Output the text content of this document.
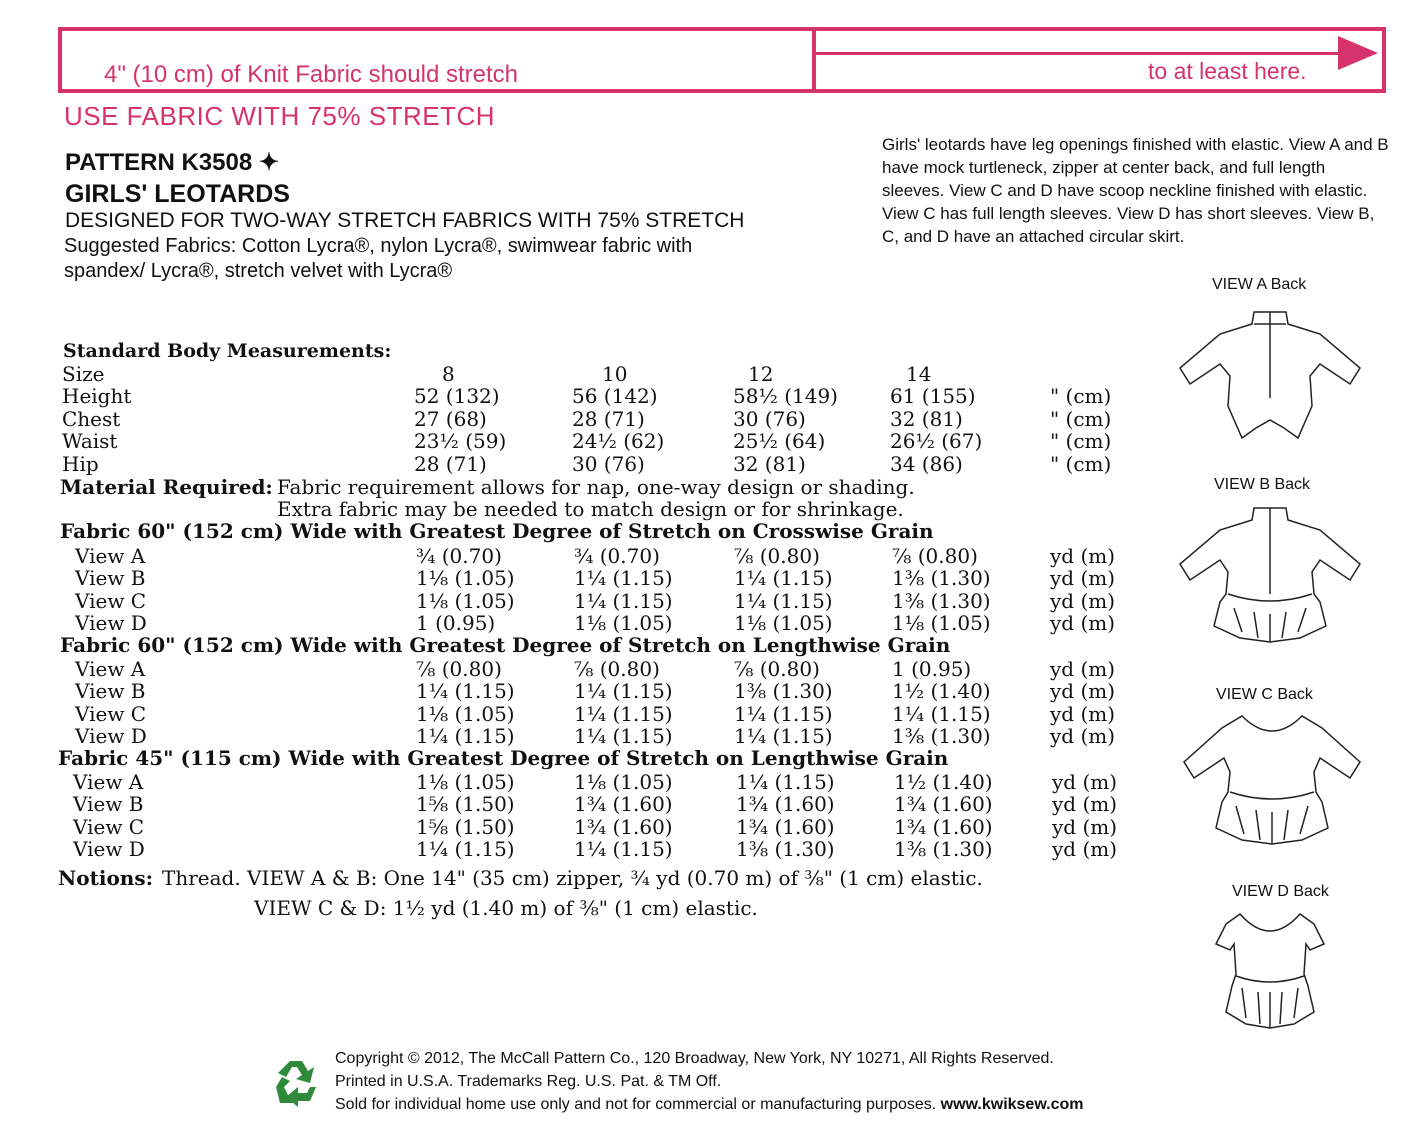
4" (10 cm) of Knit Fabric should stretch	to at least here.
USE FABRIC WITH 75% STRETCH
PATTERN K3508 ✦
GIRLS' LEOTARDS
DESIGNED FOR TWO-WAY STRETCH FABRICS WITH 75% STRETCH
Suggested Fabrics: Cotton Lycra®, nylon Lycra®, swimwear fabric with spandex/ Lycra®, stretch velvet with Lycra®
Girls' leotards have leg openings finished with elastic. View A and B have mock turtleneck, zipper at center back, and full length sleeves. View C and D have scoop neckline finished with elastic. View C has full length sleeves. View D has short sleeves. View B, C, and D have an attached circular skirt.
VIEW A Back
VIEW B Back
VIEW C Back
VIEW D Back
Standard Body Measurements:
Size	8	10	12	14
Height	52 (132)	56 (142)	58½ (149)	61 (155)	" (cm)
Chest	27 (68)	28 (71)	30 (76)	32 (81)	" (cm)
Waist	23½ (59)	24½ (62)	25½ (64)	26½ (67)	" (cm)
Hip	28 (71)	30 (76)	32 (81)	34 (86)	" (cm)
Material Required: Fabric requirement allows for nap, one-way design or shading.
Extra fabric may be needed to match design or for shrinkage.
Fabric 60" (152 cm) Wide with Greatest Degree of Stretch on Crosswise Grain
View A	¾ (0.70)	¾ (0.70)	⅞ (0.80)	⅞ (0.80)	yd (m)
View B	1⅛ (1.05)	1¼ (1.15)	1¼ (1.15)	1⅜ (1.30)	yd (m)
View C	1⅛ (1.05)	1¼ (1.15)	1¼ (1.15)	1⅜ (1.30)	yd (m)
View D	1 (0.95)	1⅛ (1.05)	1⅛ (1.05)	1⅛ (1.05)	yd (m)
Fabric 60" (152 cm) Wide with Greatest Degree of Stretch on Lengthwise Grain
View A	⅞ (0.80)	⅞ (0.80)	⅞ (0.80)	1 (0.95)	yd (m)
View B	1¼ (1.15)	1¼ (1.15)	1⅜ (1.30)	1½ (1.40)	yd (m)
View C	1⅛ (1.05)	1¼ (1.15)	1¼ (1.15)	1¼ (1.15)	yd (m)
View D	1¼ (1.15)	1¼ (1.15)	1¼ (1.15)	1⅜ (1.30)	yd (m)
Fabric 45" (115 cm) Wide with Greatest Degree of Stretch on Lengthwise Grain
View A	1⅛ (1.05)	1⅛ (1.05)	1¼ (1.15)	1½ (1.40)	yd (m)
View B	1⅝ (1.50)	1¾ (1.60)	1¾ (1.60)	1¾ (1.60)	yd (m)
View C	1⅝ (1.50)	1¾ (1.60)	1¾ (1.60)	1¾ (1.60)	yd (m)
View D	1¼ (1.15)	1¼ (1.15)	1⅜ (1.30)	1⅜ (1.30)	yd (m)
Notions: Thread. VIEW A & B: One 14" (35 cm) zipper, ¾ yd (0.70 m) of ⅜" (1 cm) elastic.
VIEW C & D: 1½ yd (1.40 m) of ⅜" (1 cm) elastic.
Copyright © 2012, The McCall Pattern Co., 120 Broadway, New York, NY 10271, All Rights Reserved.
Printed in U.S.A. Trademarks Reg. U.S. Pat. & TM Off.
Sold for individual home use only and not for commercial or manufacturing purposes. www.kwiksew.com
